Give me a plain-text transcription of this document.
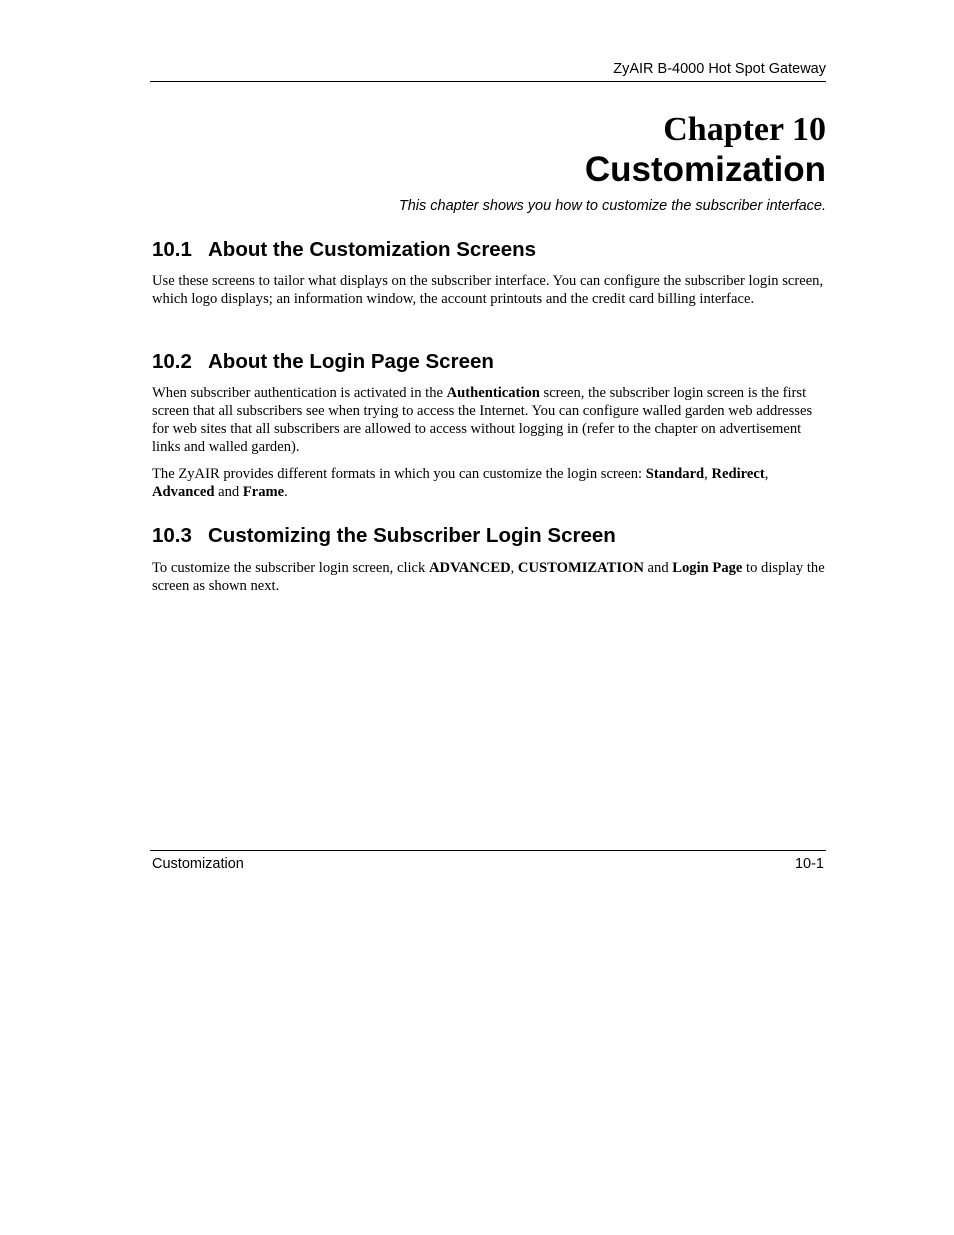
ZyAIR B-4000 Hot Spot Gateway

Chapter 10

Customization

This chapter shows you how to customize the subscriber interface.

10.1 About the Customization Screens

Use these screens to tailor what displays on the subscriber interface. You can configure the subscriber login screen, which logo displays; an information window, the account printouts and the credit card billing interface.

10.2 About the Login Page Screen

When subscriber authentication is activated in the Authentication screen, the subscriber login screen is the first screen that all subscribers see when trying to access the Internet. You can configure walled garden web addresses for web sites that all subscribers are allowed to access without logging in (refer to the chapter on advertisement links and walled garden).

The ZyAIR provides different formats in which you can customize the login screen: Standard, Redirect, Advanced and Frame.

10.3 Customizing the Subscriber Login Screen

To customize the subscriber login screen, click ADVANCED, CUSTOMIZATION and Login Page to display the screen as shown next.

Customization	10-1
